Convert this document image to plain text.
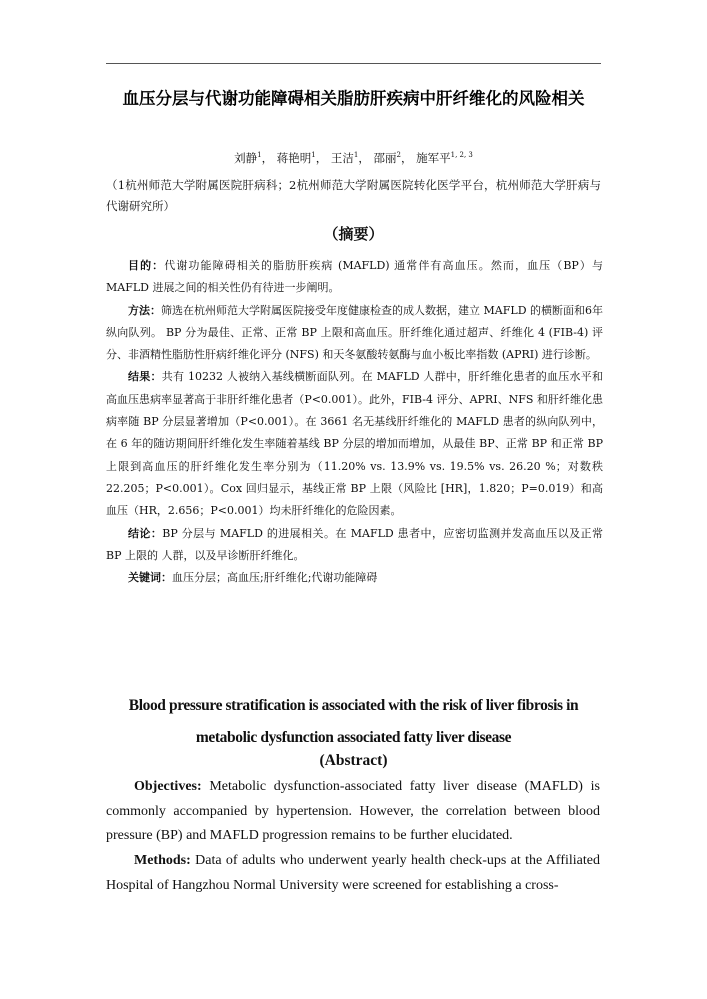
血压分层与代谢功能障碍相关脂肪肝疾病中肝纤维化的风险相关
刘静$^1$， 蒋艳明$^1$， 王洁$^1$， 邵丽$^2$， 施军平$^{1, 2, 3}$
（1杭州师范大学附属医院肝病科；2杭州师范大学附属医院转化医学平台，杭州师范大学肝病与代谢研究所）
（摘要）

目的：代谢功能障碍相关的脂肪肝疾病 (MAFLD) 通常伴有高血压。然而，血压（BP）与 MAFLD 进展之间的相关性仍有待进一步阐明。

方法：筛选在杭州师范大学附属医院接受年度健康检查的成人数据，建立 MAFLD 的横断面和6年纵向队列。 BP 分为最佳、正常、正常 BP 上限和高血压。肝纤维化通过超声、纤维化 4 (FIB-4) 评分、非酒精性脂肪性肝病纤维化评分 (NFS) 和天冬氨酸转氨酶与血小板比率指数 (APRI) 进行诊断。

结果：共有 10232 人被纳入基线横断面队列。在 MAFLD 人群中，肝纤维化患者的血压水平和高血压患病率显著高于非肝纤维化患者（P<0.001）。此外，FIB-4 评分、APRI、NFS 和肝纤维化患病率随 BP 分层显著增加（P<0.001）。在 3661 名无基线肝纤维化的 MAFLD 患者的纵向队列中，在 6 年的随访期间肝纤维化发生率随着基线 BP 分层的增加而增加，从最佳 BP、正常 BP 和正常 BP 上限到高血压的肝纤维化发生率分别为（11.20% vs. 13.9% vs. 19.5% vs. 26.20 %；对数秩 22.205；P<0.001）。Cox 回归显示，基线正常 BP 上限（风险比 [HR]，1.820；P=0.019）和高血压（HR，2.656；P<0.001）均未肝纤维化的危险因素。

结论：BP 分层与 MAFLD 的进展相关。在 MAFLD 患者中，应密切监测并发高血压以及正常 BP 上限的 人群，以及早诊断肝纤维化。

关键词：血压分层；高血压;肝纤维化;代谢功能障碍

Blood pressure stratification is associated with the risk of liver fibrosis in metabolic dysfunction associated fatty liver disease
(Abstract)

Objectives: Metabolic dysfunction-associated fatty liver disease (MAFLD) is commonly accompanied by hypertension. However, the correlation between blood pressure (BP) and MAFLD progression remains to be further elucidated.

Methods: Data of adults who underwent yearly health check-ups at the Affiliated Hospital of Hangzhou Normal University were screened for establishing a cross-
